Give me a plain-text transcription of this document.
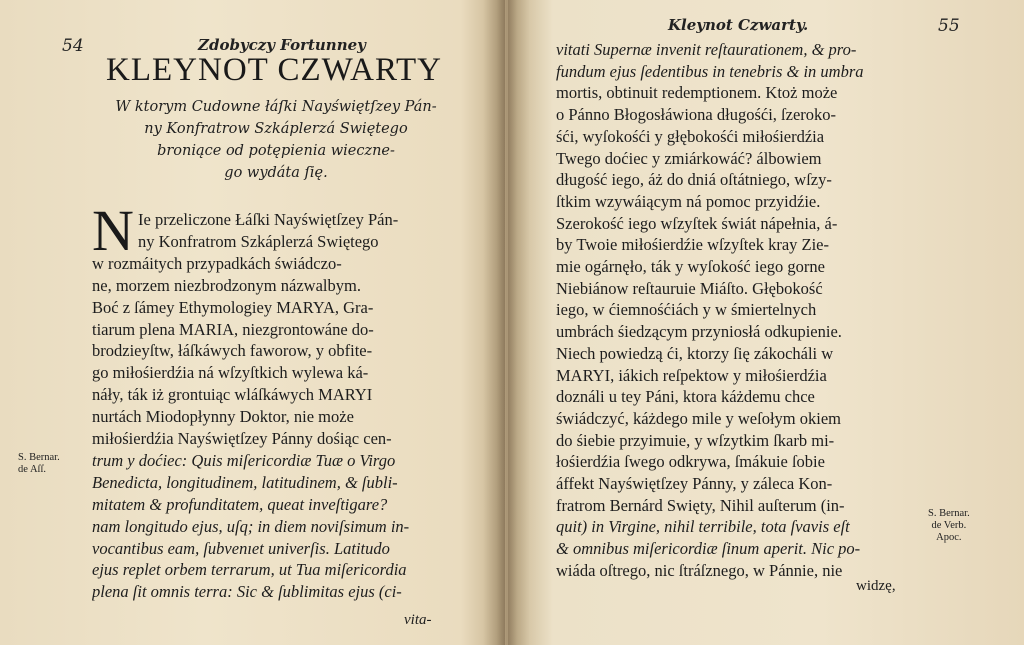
54	Zdobyczy Fortunney
KLEYNOT CZWARTY
W ktorym Cudowne łáſki Nayświętſzey Pán-
ny Konfratrow Szkáplerzá Swiętego
broniące od potępienia wieczne-
go wydáta ſię.
N Ie przeliczone Łáſki Nayświętſzey Pán-
ny Konfratrom Szkáplerzá Swiętego
w rozmáitych przypadkách świádczo-
ne, morzem niezbrodzonym názwalbym.
Boć z ſámey Ethymologiey MARYA, Gra-
tiarum plena MARIA, niezgrontowáne do-
brodzieyſtw, łáſkáwych faworow, y obfite-
go miłośierdźia ná wſzyſtkich wylewa ká-
náły, ták iż grontuiąc wláſkáwych MARYI
nurtách Miodopłynny Doktor, nie może
miłośierdźia Nayświętſzey Pánny dośiąc cen-
trum y doćiec: Quis miſericordiæ Tuæ o Virgo
Benedicta, longitudinem, latitudinem, & ſubli-
mitatem & profunditatem, queat inveſtigare?
nam longitudo ejus, uſq; in diem noviſsimum in-
vocantibus eam, ſubvenıet univerſis. Latitudo
ejus replet orbem terrarum, ut Tua miſericordia
plena ſit omnis terra: Sic & ſublimitas ejus (ci-
S. Bernar.
de Aſſ.
vita-
Kleynot Czwarty.	55
vitati Supernæ invenit reſtaurationem, & pro-
fundum ejus ſedentibus in tenebris & in umbra
mortis, obtinuit redemptionem. Ktoż może
o Pánno Błogosłáwiona długośći, ſzeroko-
śći, wyſokośći y głębokośći miłośierdźia
Twego doćiec y zmiárkowáć? álbowiem
długość iego, áż do dniá oſtátniego, wſzy-
ſtkim wzywáiącym ná pomoc przyidźie.
Szerokość iego wſzyſtek świát nápełnia, á-
by Twoie miłośierdźie wſzyſtek kray Zie-
mie ogárnęło, ták y wyſokość iego gorne
Niebiánow reſtauruie Miáſto. Głębokość
iego, w ćiemnośćiách y w śmiertelnych
umbrách śiedzącym przyniosłá odkupienie.
Niech powiedzą ći, ktorzy ſię zákocháli w
MARYI, iákich reſpektow y miłośierdźia
doználi u tey Páni, ktora káżdemu chce
świádczyć, káżdego mile y weſołym okiem
do śiebie przyimuie, y wſzytkim ſkarb mi-
łośierdźia ſwego odkrywa, ſmákuie ſobie
áffekt Nayświętſzey Pánny, y záleca Kon-
fratrom Bernárd Swięty, Nihil auſterum (in-
quit) in Virgine, nihil terribile, tota ſvavis eſt
& omnibus miſericordiæ ſinum aperit. Nic po-
wiáda oſtrego, nic ſtráſznego, w Pánnie, nie
S. Bernar.
de Verb.
Apoc.
widzę,
